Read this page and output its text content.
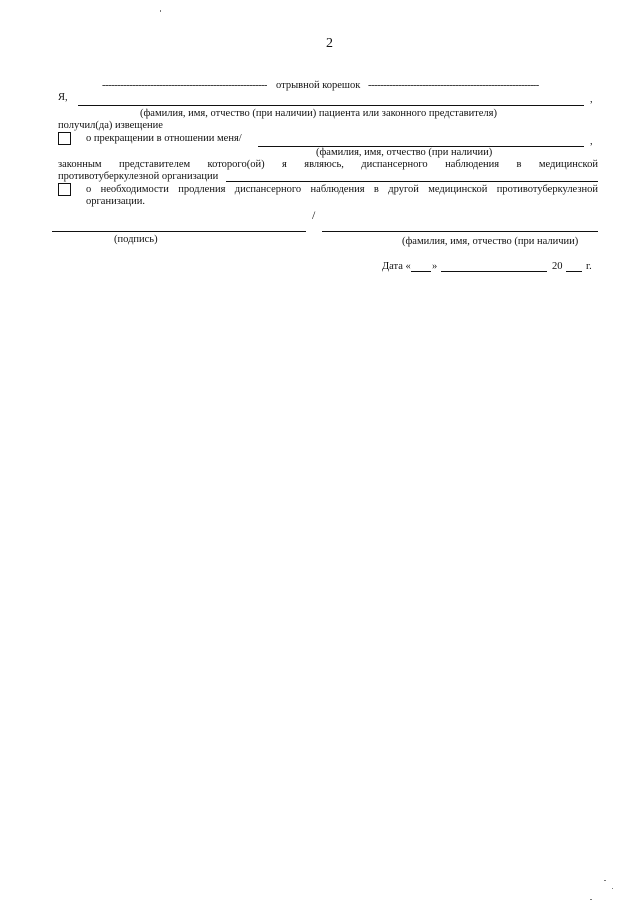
2
------------------------------------------------------- отрывной корешок ---------------------------------------------------------
Я,	,
(фамилия, имя, отчество (при наличии) пациента или законного представителя)
получил(да) извещение
о прекращении в отношении меня/	,
(фамилия, имя, отчество (при наличии)
законным представителем которого(ой) я являюсь, диспансерного наблюдения в медицинской
противотуберкулезной организации
о необходимости продления диспансерного наблюдения в другой медицинской противотуберкулезной
организации.
/
(подпись)	(фамилия, имя, отчество (при наличии)
Дата « »	20 г.
